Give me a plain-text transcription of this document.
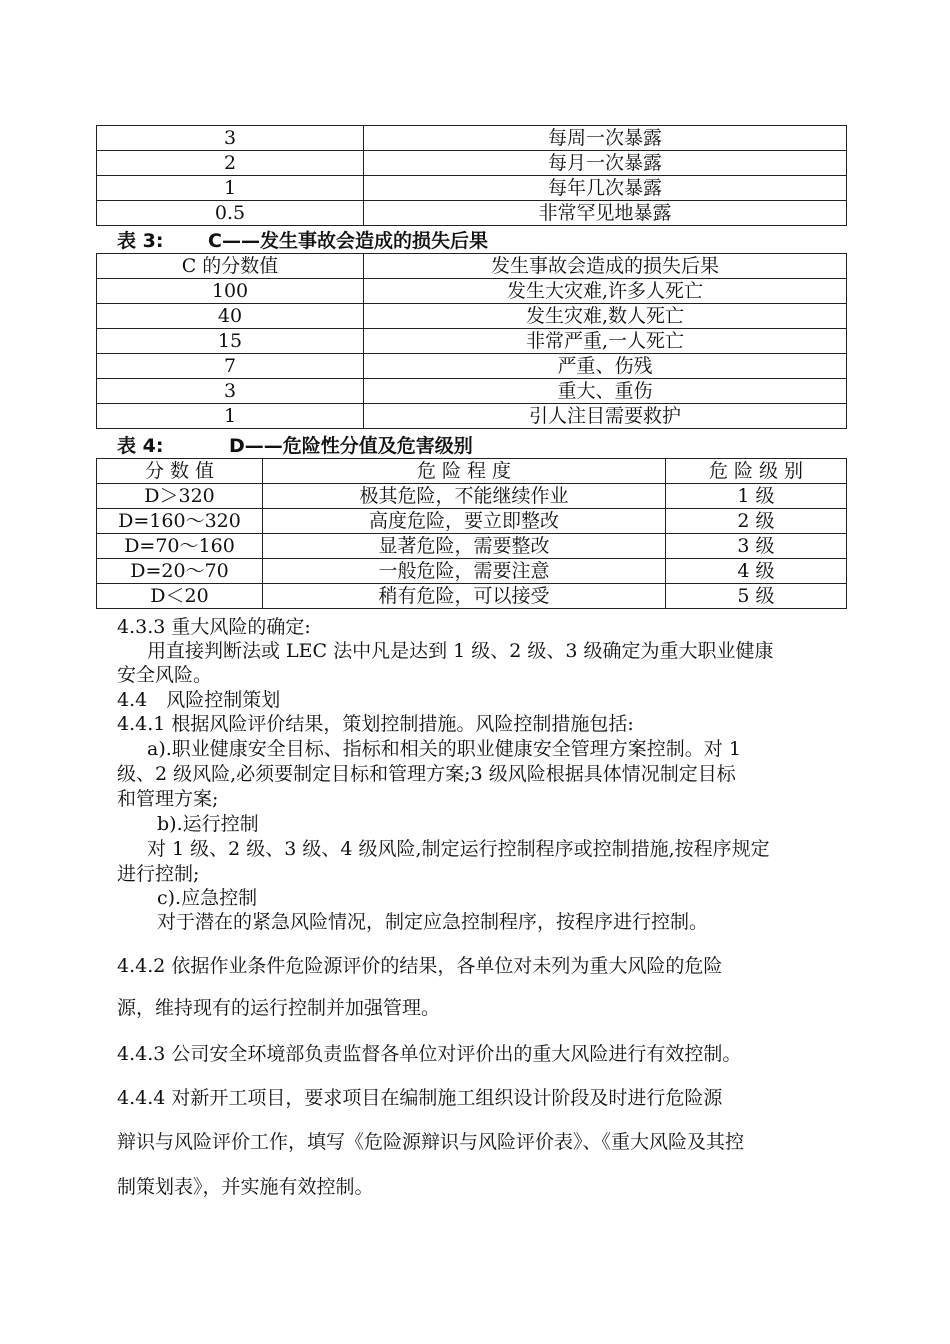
3	每周一次暴露
2	每月一次暴露
1	每年几次暴露
0.5	非常罕见地暴露
表 3: C——发生事故会造成的损失后果
C 的分数值	发生事故会造成的损失后果
100	发生大灾难,许多人死亡
40	发生灾难,数人死亡
15	非常严重,一人死亡
7	严重、伤残
3	重大、重伤
1	引人注目需要救护
表 4:	D——危险性分值及危害级别
分 数 值	危 险 程 度	危 险 级 别
D＞320	极其危险，不能继续作业	1 级
D=160～320	高度危险，要立即整改	2 级
D=70～160	显著危险，需要整改	3 级
D=20～70	一般危险，需要注意	4 级
D＜20	稍有危险，可以接受	5 级
4.3.3 重大风险的确定:
用直接判断法或 LEC 法中凡是达到 1 级、2 级、3 级确定为重大职业健康
安全风险。
4.4　风险控制策划
4.4.1 根据风险评价结果，策划控制措施。风险控制措施包括:
a).职业健康安全目标、指标和相关的职业健康安全管理方案控制。对 1
级、2 级风险,必须要制定目标和管理方案;3 级风险根据具体情况制定目标
和管理方案;
b).运行控制
对 1 级、2 级、3 级、4 级风险,制定运行控制程序或控制措施,按程序规定
进行控制;
c).应急控制
对于潜在的紧急风险情况，制定应急控制程序，按程序进行控制。
4.4.2 依据作业条件危险源评价的结果，各单位对未列为重大风险的危险
源，维持现有的运行控制并加强管理。
4.4.3 公司安全环境部负责监督各单位对评价出的重大风险进行有效控制。
4.4.4 对新开工项目，要求项目在编制施工组织设计阶段及时进行危险源
辩识与风险评价工作，填写《危险源辩识与风险评价表》、《重大风险及其控
制策划表》，并实施有效控制。
